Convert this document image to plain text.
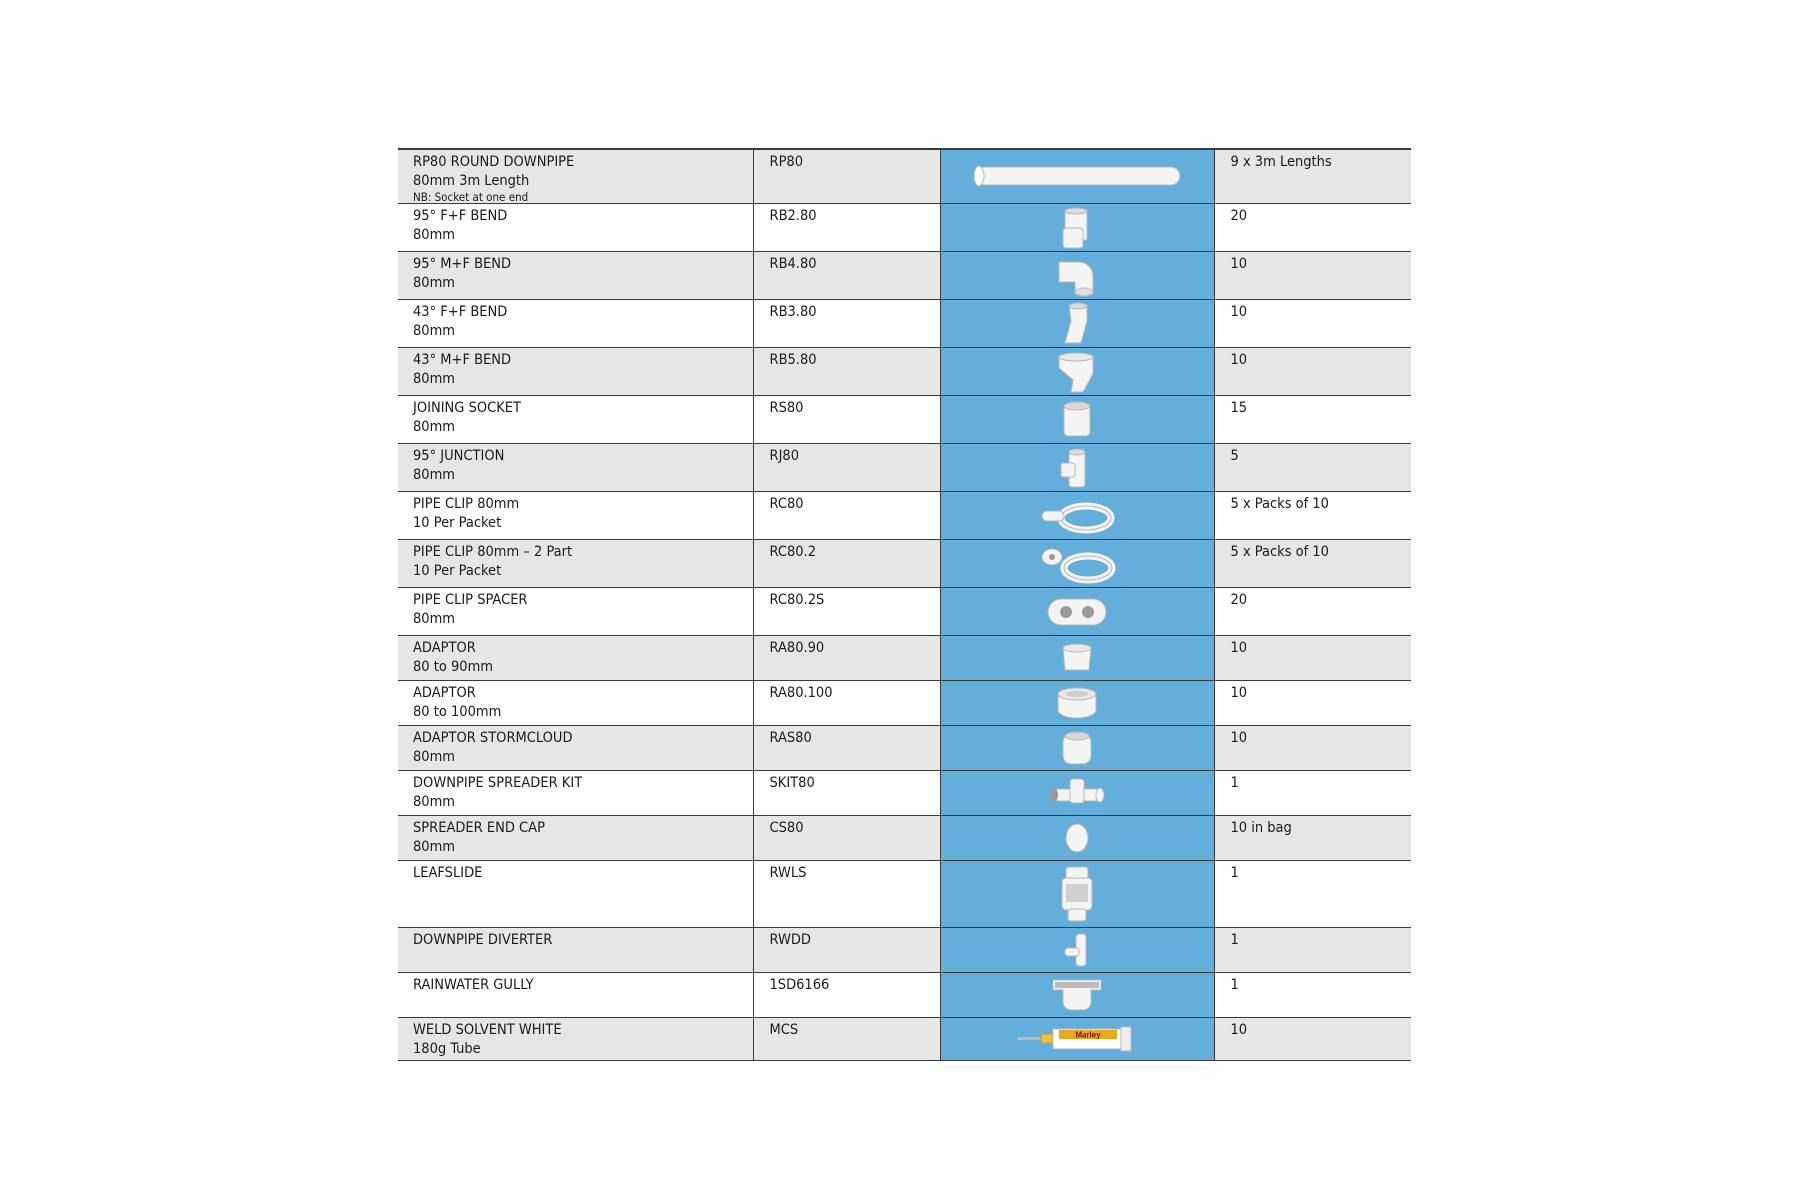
RP80 ROUND DOWNPIPE
80mm 3m Length
NB: Socket at one end	RP80		9 x 3m Lengths

95° F+F BEND
80mm	RB2.80		20

95° M+F BEND
80mm	RB4.80		10

43° F+F BEND
80mm	RB3.80		10

43° M+F BEND
80mm	RB5.80		10

JOINING SOCKET
80mm	RS80		15

95° JUNCTION
80mm	RJ80		5

PIPE CLIP 80mm
10 Per Packet	RC80		5 x Packs of 10

PIPE CLIP 80mm – 2 Part
10 Per Packet	RC80.2		5 x Packs of 10

PIPE CLIP SPACER
80mm	RC80.2S		20

ADAPTOR
80 to 90mm	RA80.90		10

ADAPTOR
80 to 100mm	RA80.100		10

ADAPTOR STORMCLOUD
80mm	RAS80		10

DOWNPIPE SPREADER KIT
80mm	SKIT80		1

SPREADER END CAP
80mm	CS80		10 in bag

LEAFSLIDE	RWLS		1

DOWNPIPE DIVERTER	RWDD		1

RAINWATER GULLY	1SD6166		1

WELD SOLVENT WHITE
180g Tube	MCS	Marley	10
